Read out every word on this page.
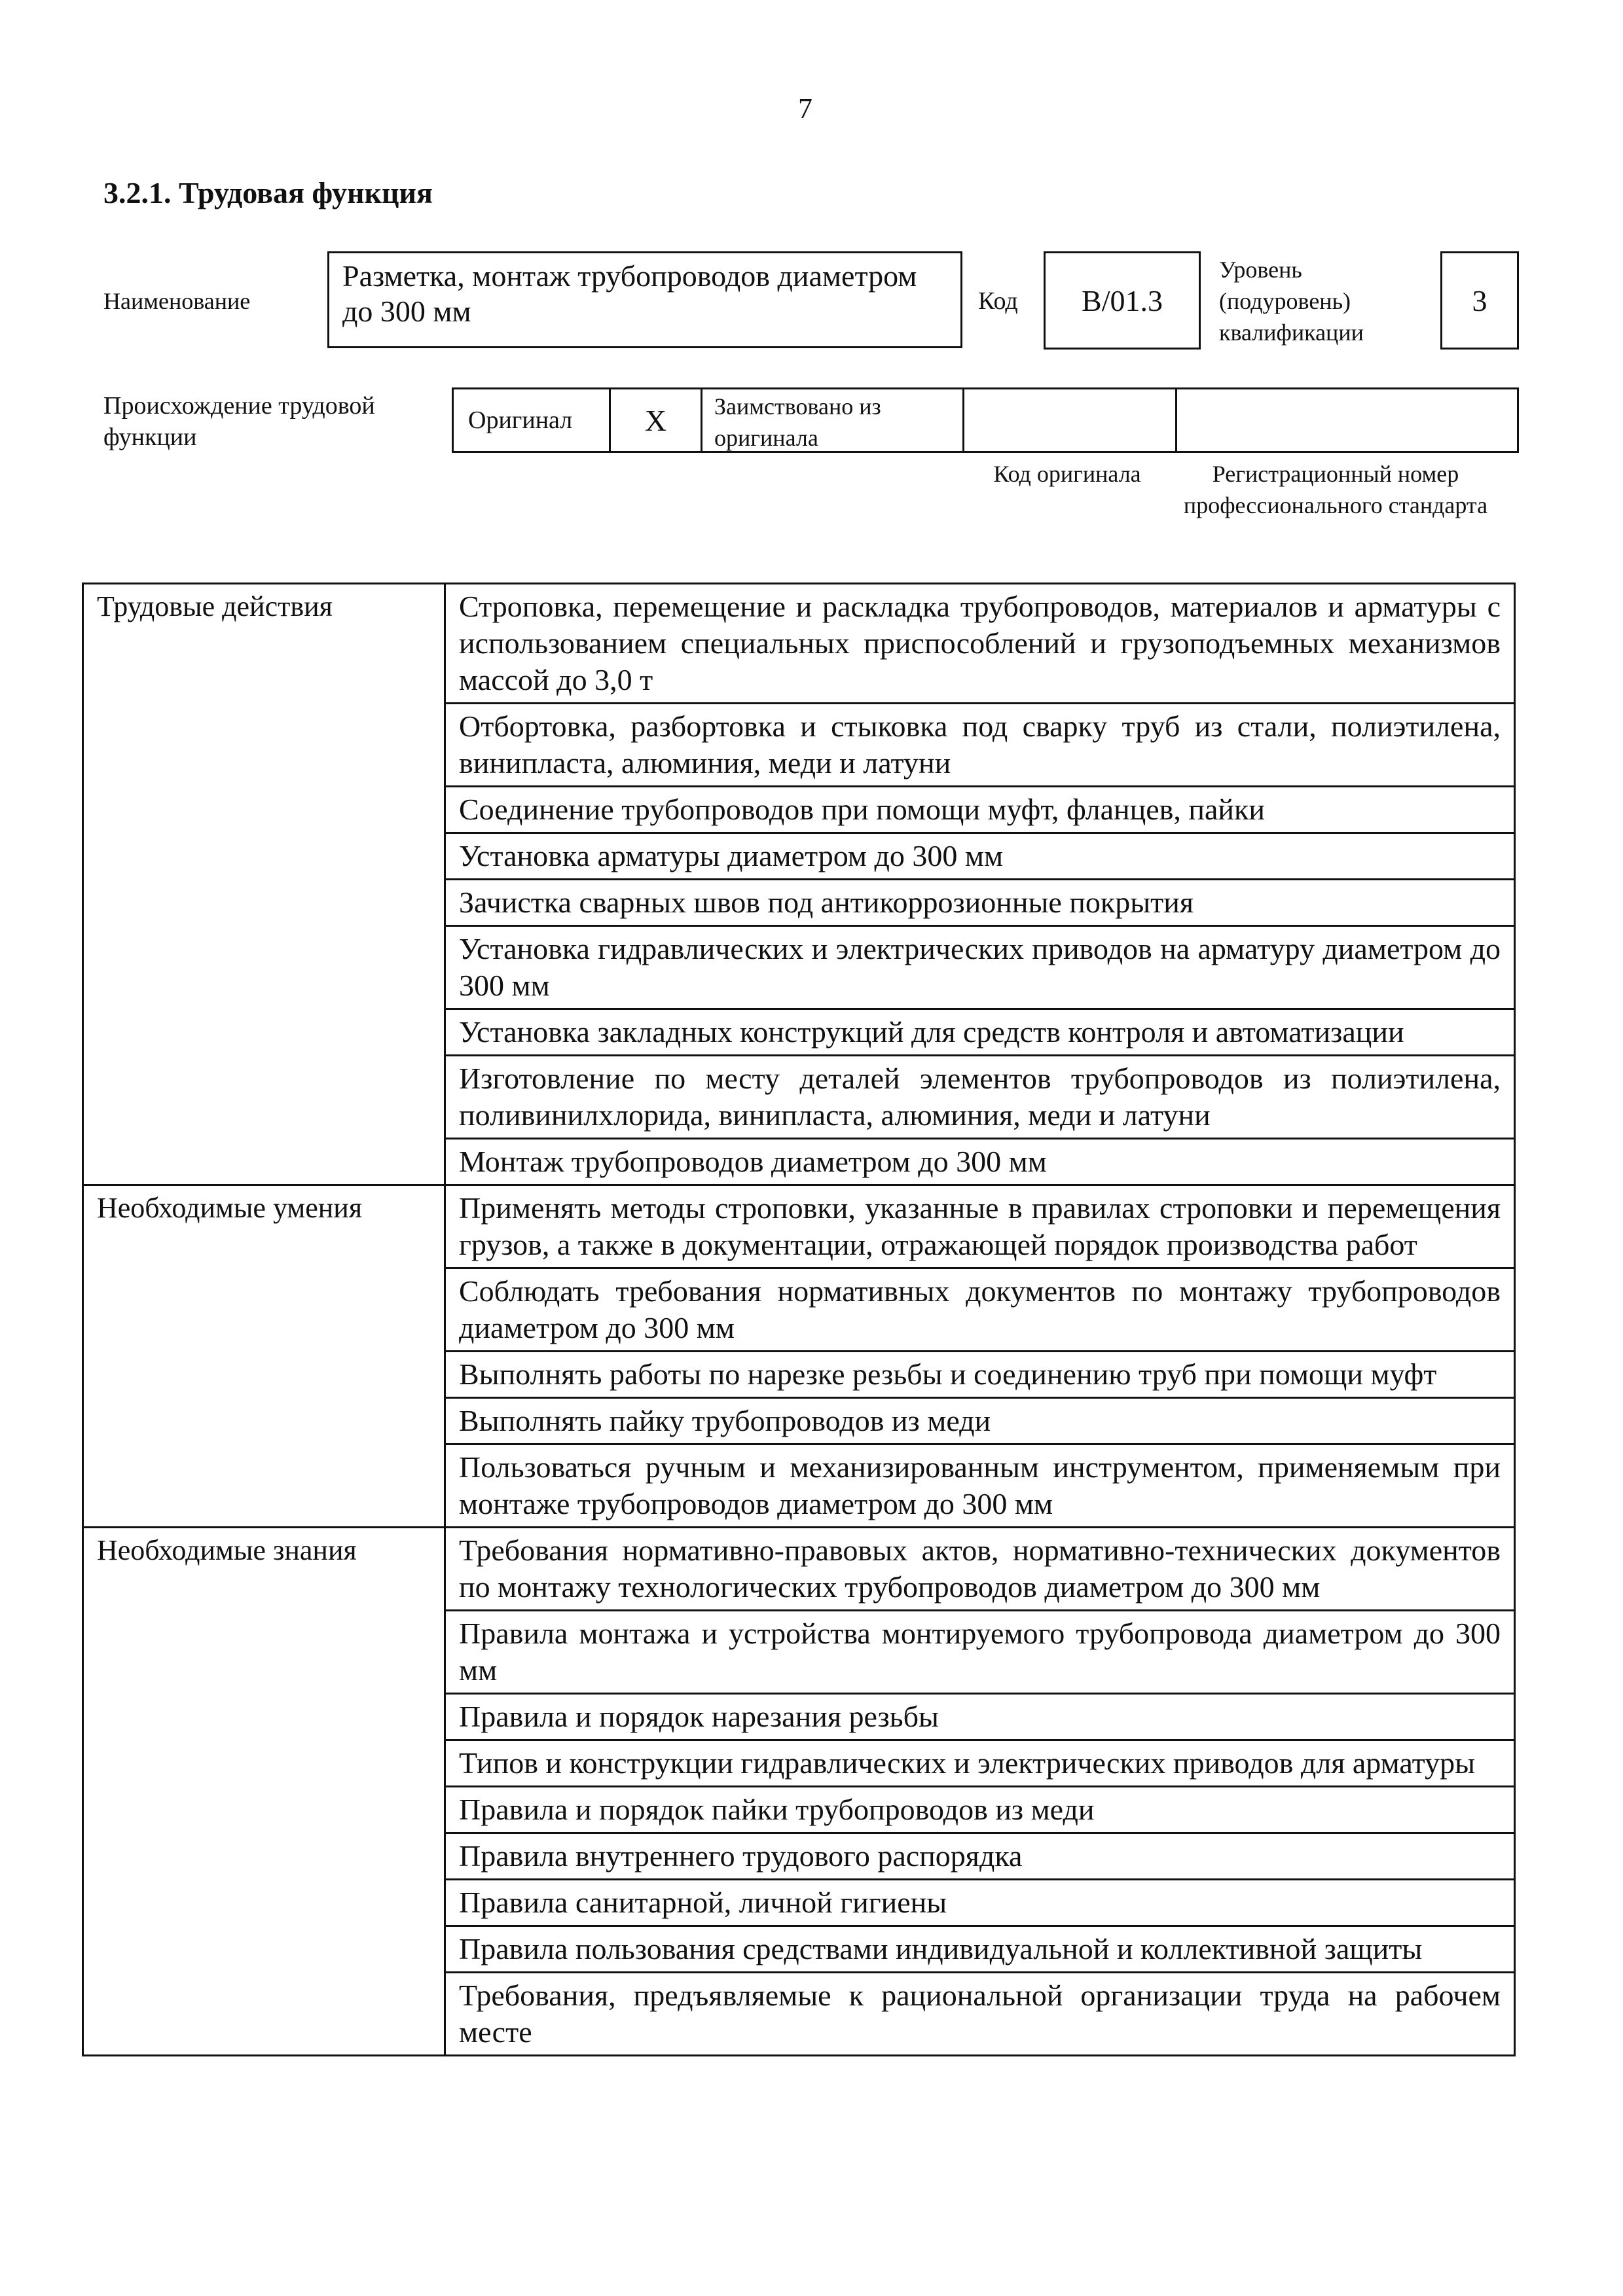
7
3.2.1. Трудовая функция
Наименование
Разметка, монтаж трубопроводов диаметром до 300 мм	Код В/01.3
Уровень (подуровень) квалификации
3
Происхождение трудовой функции
Оригинал	X	Заимствовано из оригинала
Код оригинала	Регистрационный номер профессионального стандарта
Трудовые действия	Строповка, перемещение и раскладка трубопроводов, материалов и арматуры с использованием специальных приспособлений и грузоподъемных механизмов массой до 3,0 т
	Отбортовка, разбортовка и стыковка под сварку труб из стали, полиэтилена, винипласта, алюминия, меди и латуни
	Соединение трубопроводов при помощи муфт, фланцев, пайки
	Установка арматуры диаметром до 300 мм
	Зачистка сварных швов под антикоррозионные покрытия
	Установка гидравлических и электрических приводов на арматуру диаметром до 300 мм
	Установка закладных конструкций для средств контроля и автоматизации
	Изготовление по месту деталей элементов трубопроводов из полиэтилена, поливинилхлорида, винипласта, алюминия, меди и латуни
	Монтаж трубопроводов диаметром до 300 мм
Необходимые умения	Применять методы строповки, указанные в правилах строповки и перемещения грузов, а также в документации, отражающей порядок производства работ
	Соблюдать требования нормативных документов по монтажу трубопроводов диаметром до 300 мм
	Выполнять работы по нарезке резьбы и соединению труб при помощи муфт
	Выполнять пайку трубопроводов из меди
	Пользоваться ручным и механизированным инструментом, применяемым при монтаже трубопроводов диаметром до 300 мм
Необходимые знания	Требования нормативно-правовых актов, нормативно-технических документов по монтажу технологических трубопроводов диаметром до 300 мм
	Правила монтажа и устройства монтируемого трубопровода диаметром до 300 мм
	Правила и порядок нарезания резьбы
	Типов и конструкции гидравлических и электрических приводов для арматуры
	Правила и порядок пайки трубопроводов из меди
	Правила внутреннего трудового распорядка
	Правила санитарной, личной гигиены
	Правила пользования средствами индивидуальной и коллективной защиты
	Требования, предъявляемые к рациональной организации труда на рабочем месте
